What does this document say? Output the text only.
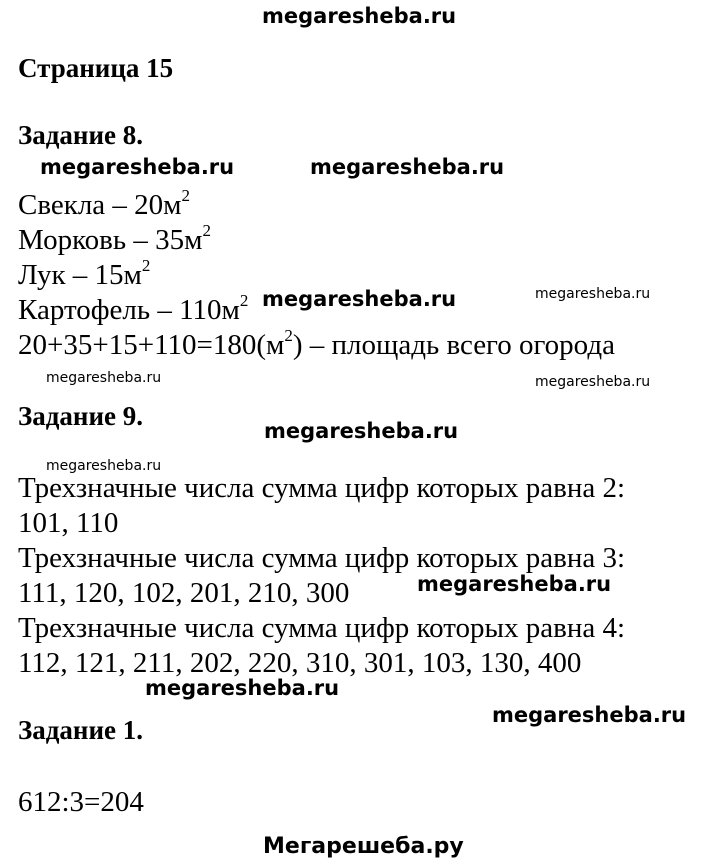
megaresheba.ru
Страница 15
Задание 8.
megaresheba.ru	megaresheba.ru
Свекла – $20м^2$
Морковь – $35м^2$
Лук – $15м^2$
Картофель – $110м^2$ megaresheba.ru	megaresheba.ru
$20+35+15+110=180(м^2)$ – площадь всего огорода
megaresheba.ru	megaresheba.ru
Задание 9.	megaresheba.ru
megaresheba.ru
Трехзначные числа сумма цифр которых равна 2:
101, 110
Трехзначные числа сумма цифр которых равна 3:
111, 120, 102, 201, 210, 300	megaresheba.ru
Трехзначные числа сумма цифр которых равна 4:
112, 121, 211, 202, 220, 310, 301, 103, 130, 400
megaresheba.ru
megaresheba.ru
Задание 1.
612:3=204
Мегарешеба.ру
